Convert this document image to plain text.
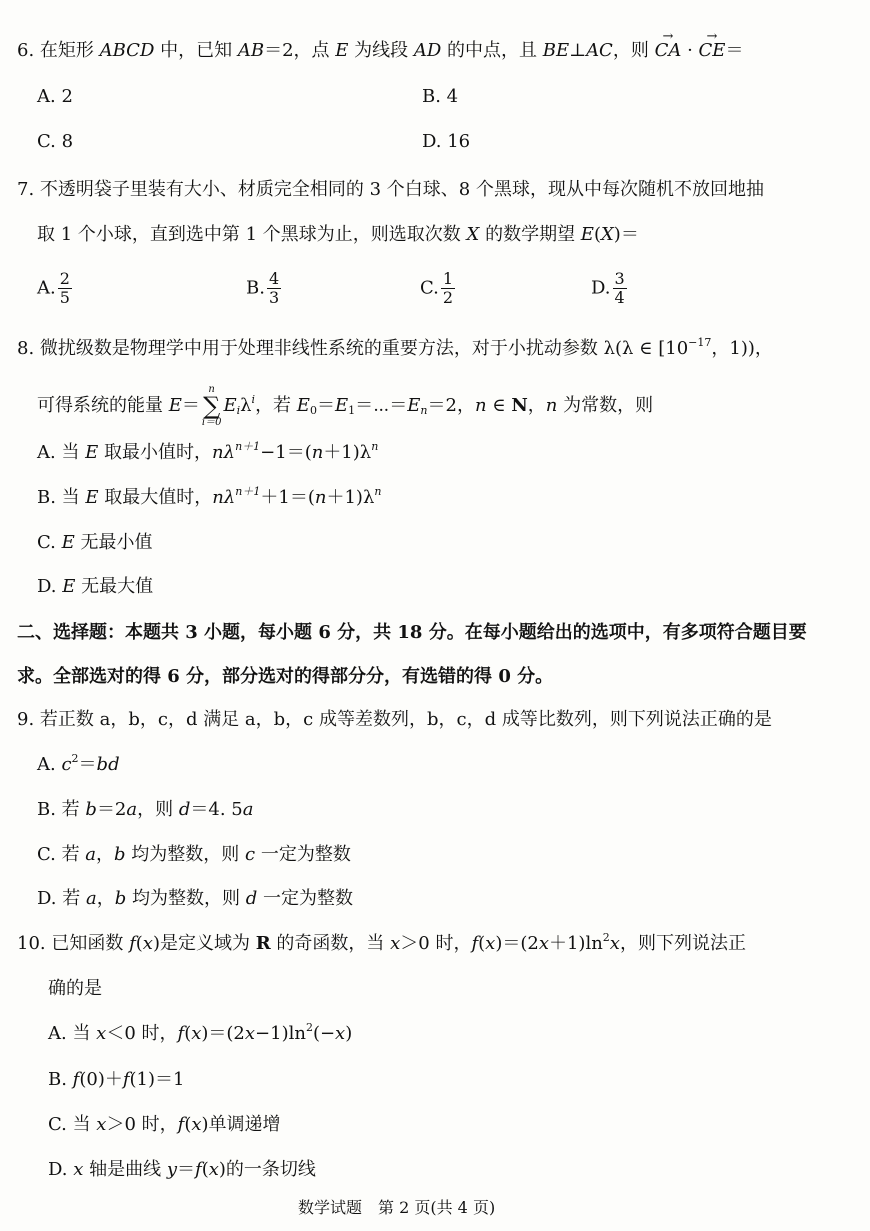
6. 在矩形 ABCD 中，已知 AB＝2，点 E 为线段 AD 的中点，且 BE⊥AC，则 → CA · → CE＝
A. 2	B. 4
C. 8	D. 16
7. 不透明袋子里装有大小、材质完全相同的 3 个白球、8 个黑球，现从中每次随机不放回地抽
取 1 个小球，直到选中第 1 个黑球为止，则选取次数 X 的数学期望 E(X)＝
A. $\frac{2}{5}$	B. $\frac{4}{3}$	C. $\frac{1}{2}$	D. $\frac{3}{4}$
8. 微扰级数是物理学中用于处理非线性系统的重要方法，对于小扰动参数 λ(λ ∈ [$10^{-17}$，1))，
可得系统的能量 E＝
n
∑
i＝0
$E_i\lambda^i$，若 $E_0=E_1=\cdots=E_n=2$，n ∈ N，n 为常数，则
A. 当 E 取最小值时，$n\lambda^{n+1}-1=(n+1)\lambda^n$
B. 当 E 取最大值时，$n\lambda^{n+1}+1=(n+1)\lambda^n$
C. E 无最小值
D. E 无最大值
二、选择题：本题共 3 小题，每小题 6 分，共 18 分。在每小题给出的选项中，有多项符合题目要
求。全部选对的得 6 分，部分选对的得部分分，有选错的得 0 分。
9. 若正数 a，b，c，d 满足 a，b，c 成等差数列，b，c，d 成等比数列，则下列说法正确的是
A. $c^2=bd$
B. 若 b＝2a，则 d＝4. 5a
C. 若 a，b 均为整数，则 c 一定为整数
D. 若 a，b 均为整数，则 d 一定为整数
10. 已知函数 f(x)是定义域为 R 的奇函数，当 x＞0 时，$f(x)=(2x+1)\ln^2x$，则下列说法正
确的是
A. 当 x＜0 时，$f(x)=(2x-1)\ln^2(-x)$
B. f(0)＋f(1)＝1
C. 当 x＞0 时，f(x)单调递增
D. x 轴是曲线 y＝f(x)的一条切线
数学试题　第 2 页(共 4 页)
